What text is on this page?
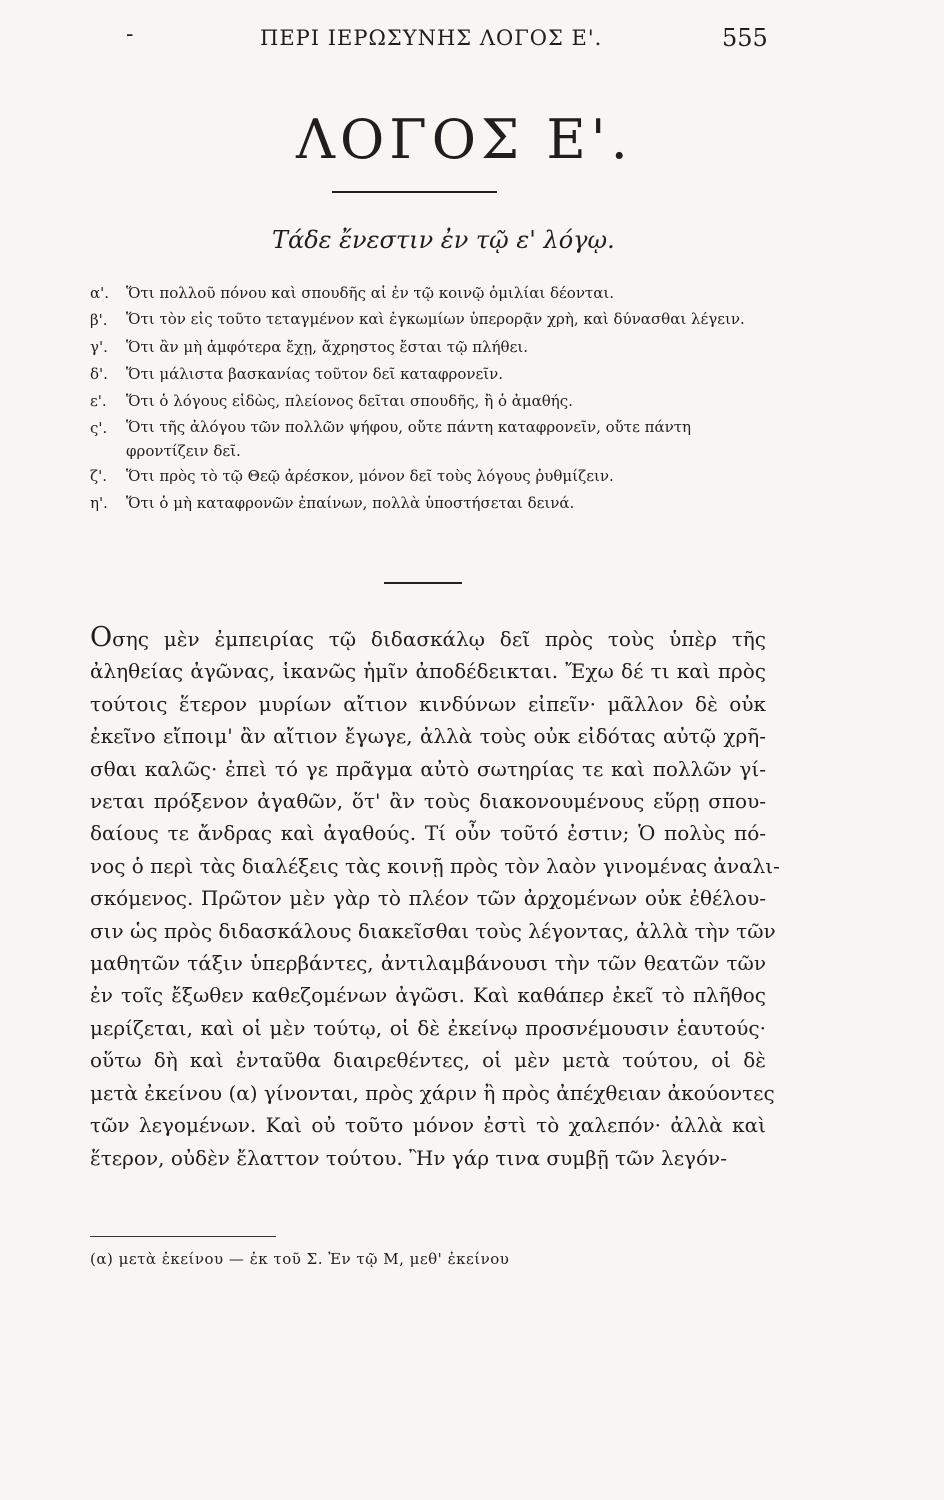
-	ΠΕΡΙ ΙΕΡΩΣΥΝΗΣ ΛΟΓΟΣ Ε'.	555
ΛΟΓΟΣ Ε'.
Τάδε ἔνεστιν ἐν τῷ ε' λόγῳ.
α'.	Ὅτι πολλοῦ πόνου καὶ σπουδῆς αἱ ἐν τῷ κοινῷ ὁμιλίαι δέονται.
β'.	Ὅτι τὸν εἰς τοῦτο τεταγμένον καὶ ἐγκωμίων ὑπερορᾷν χρὴ, καὶ δύνασθαι λέγειν.
γ'.	Ὅτι ἂν μὴ ἀμφότερα ἔχῃ, ἄχρηστος ἔσται τῷ πλήθει.
δ'.	Ὅτι μάλιστα βασκανίας τοῦτον δεῖ καταφρονεῖν.
ε'.	Ὅτι ὁ λόγους εἰδὼς, πλείονος δεῖται σπουδῆς, ἢ ὁ ἀμαθής.
ς'.	Ὅτι τῆς ἀλόγου τῶν πολλῶν ψήφου, οὔτε πάντη καταφρονεῖν, οὔτε πάντη φροντίζειν δεῖ.
ζ'.	Ὅτι πρὸς τὸ τῷ Θεῷ ἀρέσκον, μόνον δεῖ τοὺς λόγους ῥυθμίζειν.
η'.	Ὅτι ὁ μὴ καταφρονῶν ἐπαίνων, πολλὰ ὑποστήσεται δεινά.
Οσης μὲν ἐμπειρίας τῷ διδασκάλῳ δεῖ πρὸς τοὺς ὑπὲρ τῆς
ἀληθείας ἀγῶνας, ἱκανῶς ἡμῖν ἀποδέδεικται. Ἔχω δέ τι καὶ πρὸς
τούτοις ἕτερον μυρίων αἴτιον κινδύνων εἰπεῖν· μᾶλλον δὲ οὐκ
ἐκεῖνο εἴποιμ' ἂν αἴτιον ἔγωγε, ἀλλὰ τοὺς οὐκ εἰδότας αὐτῷ χρῆ-
σθαι καλῶς· ἐπεὶ τό γε πρᾶγμα αὐτὸ σωτηρίας τε καὶ πολλῶν γί-
νεται πρόξενον ἀγαθῶν, ὅτ' ἂν τοὺς διακονουμένους εὕρῃ σπου-
δαίους τε ἄνδρας καὶ ἀγαθούς. Τί οὖν τοῦτό ἐστιν; Ὁ πολὺς πό-
νος ὁ περὶ τὰς διαλέξεις τὰς κοινῇ πρὸς τὸν λαὸν γινομένας ἀναλι-
σκόμενος. Πρῶτον μὲν γὰρ τὸ πλέον τῶν ἀρχομένων οὐκ ἐθέλου-
σιν ὡς πρὸς διδασκάλους διακεῖσθαι τοὺς λέγοντας, ἀλλὰ τὴν τῶν
μαθητῶν τάξιν ὑπερβάντες, ἀντιλαμβάνουσι τὴν τῶν θεατῶν τῶν
ἐν τοῖς ἔξωθεν καθεζομένων ἀγῶσι. Καὶ καθάπερ ἐκεῖ τὸ πλῆθος
μερίζεται, καὶ οἱ μὲν τούτῳ, οἱ δὲ ἐκείνῳ προσνέμουσιν ἑαυτούς·
οὕτω δὴ καὶ ἐνταῦθα διαιρεθέντες, οἱ μὲν μετὰ τούτου, οἱ δὲ
μετὰ ἐκείνου (α) γίνονται, πρὸς χάριν ἢ πρὸς ἀπέχθειαν ἀκούοντες
τῶν λεγομένων. Καὶ οὐ τοῦτο μόνον ἐστὶ τὸ χαλεπόν· ἀλλὰ καὶ
ἕτερον, οὐδὲν ἔλαττον τούτου. Ἢν γάρ τινα συμβῇ τῶν λεγόν-
(α) μετὰ ἐκείνου — ἐκ τοῦ Σ. Ἐν τῷ Μ, μεθ' ἐκείνου
